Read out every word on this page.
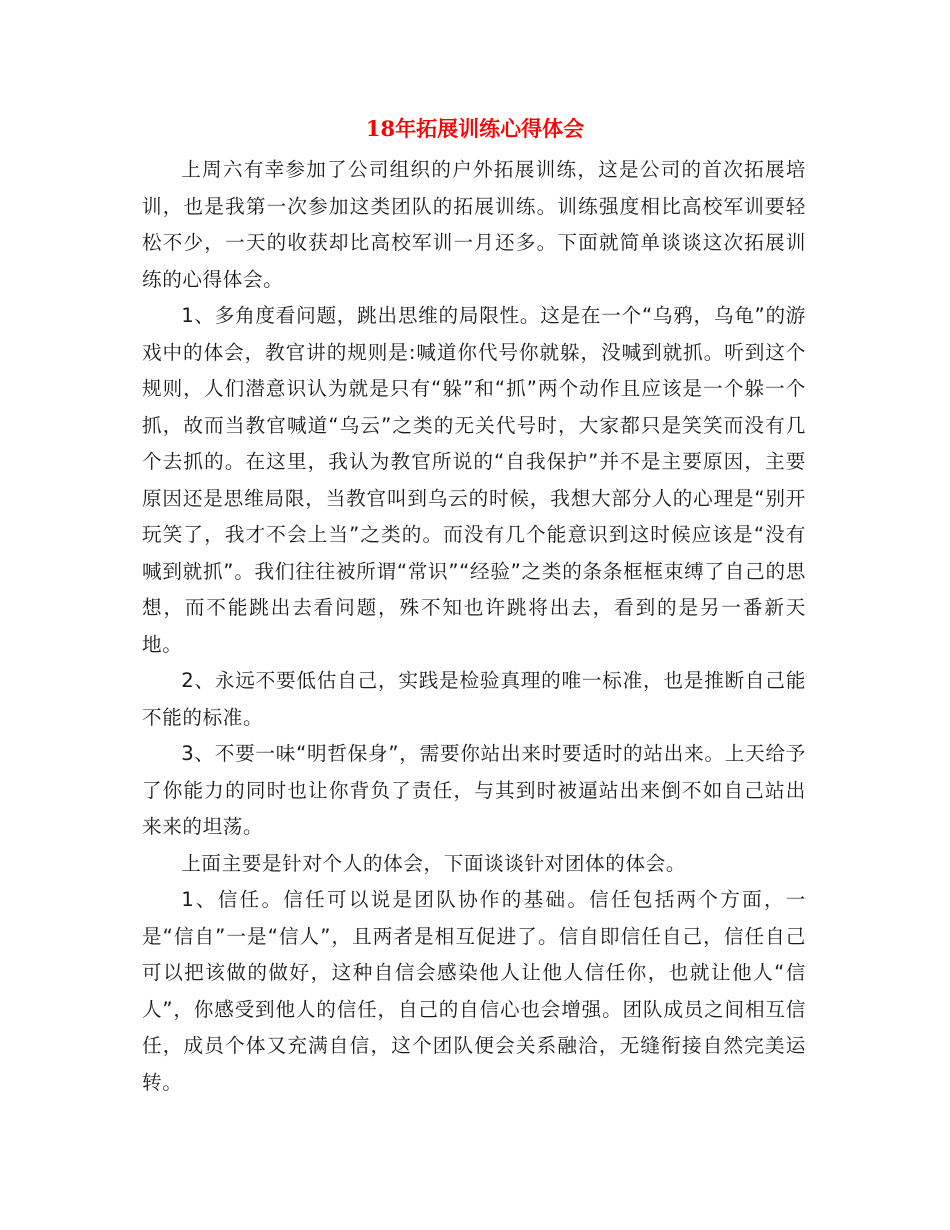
18年拓展训练心得体会

上周六有幸参加了公司组织的户外拓展训练，这是公司的首次拓展培训，也是我第一次参加这类团队的拓展训练。训练强度相比高校军训要轻松不少，一天的收获却比高校军训一月还多。下面就简单谈谈这次拓展训练的心得体会。

1、多角度看问题，跳出思维的局限性。这是在一个“乌鸦，乌龟”的游戏中的体会，教官讲的规则是:喊道你代号你就躲，没喊到就抓。听到这个规则，人们潜意识认为就是只有“躲”和“抓”两个动作且应该是一个躲一个抓，故而当教官喊道“乌云”之类的无关代号时，大家都只是笑笑而没有几个去抓的。在这里，我认为教官所说的“自我保护”并不是主要原因，主要原因还是思维局限，当教官叫到乌云的时候，我想大部分人的心理是“别开玩笑了，我才不会上当”之类的。而没有几个能意识到这时候应该是“没有喊到就抓”。我们往往被所谓“常识”“经验”之类的条条框框束缚了自己的思想，而不能跳出去看问题，殊不知也许跳将出去，看到的是另一番新天地。

2、永远不要低估自己，实践是检验真理的唯一标准，也是推断自己能不能的标准。

3、不要一味“明哲保身”，需要你站出来时要适时的站出来。上天给予了你能力的同时也让你背负了责任，与其到时被逼站出来倒不如自己站出来来的坦荡。

上面主要是针对个人的体会，下面谈谈针对团体的体会。

1、信任。信任可以说是团队协作的基础。信任包括两个方面，一是“信自”一是“信人”，且两者是相互促进了。信自即信任自己，信任自己可以把该做的做好，这种自信会感染他人让他人信任你，也就让他人“信人”，你感受到他人的信任，自己的自信心也会增强。团队成员之间相互信任，成员个体又充满自信，这个团队便会关系融洽，无缝衔接自然完美运转。
